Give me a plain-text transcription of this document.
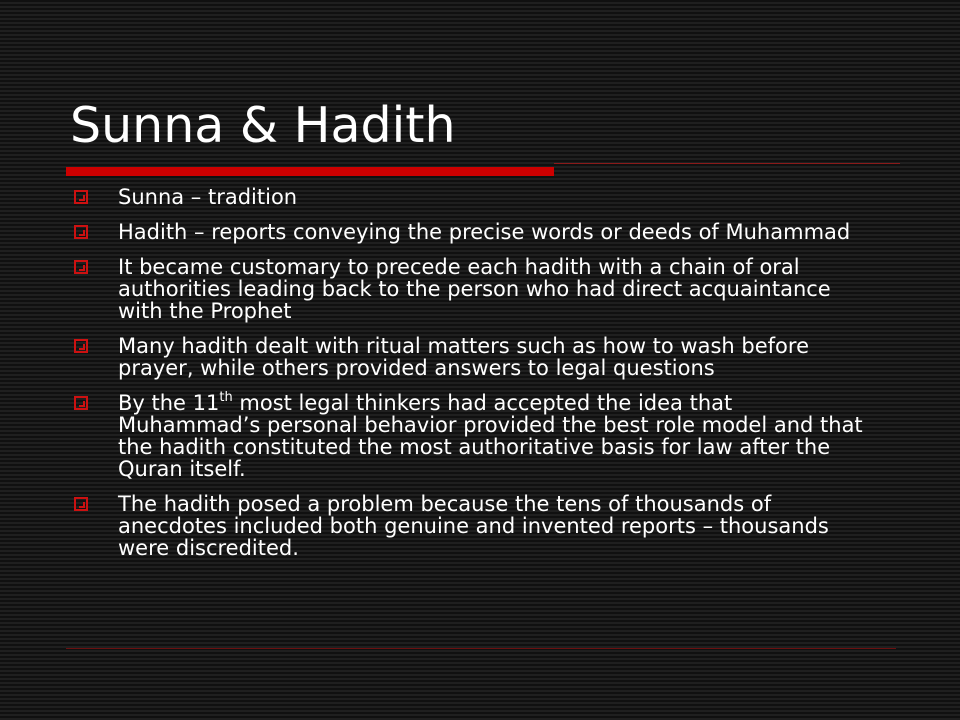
Sunna & Hadith
Sunna – tradition
Hadith – reports conveying the precise words or deeds of Muhammad
It became customary to precede each hadith with a chain of oral authorities leading back to the person who had direct acquaintance with the Prophet
Many hadith dealt with ritual matters such as how to wash before prayer, while others provided answers to legal questions
By the 11th most legal thinkers had accepted the idea that Muhammad’s personal behavior provided the best role model and that the hadith constituted the most authoritative basis for law after the Quran itself.
The hadith posed a problem because the tens of thousands of anecdotes included both genuine and invented reports – thousands were discredited.
